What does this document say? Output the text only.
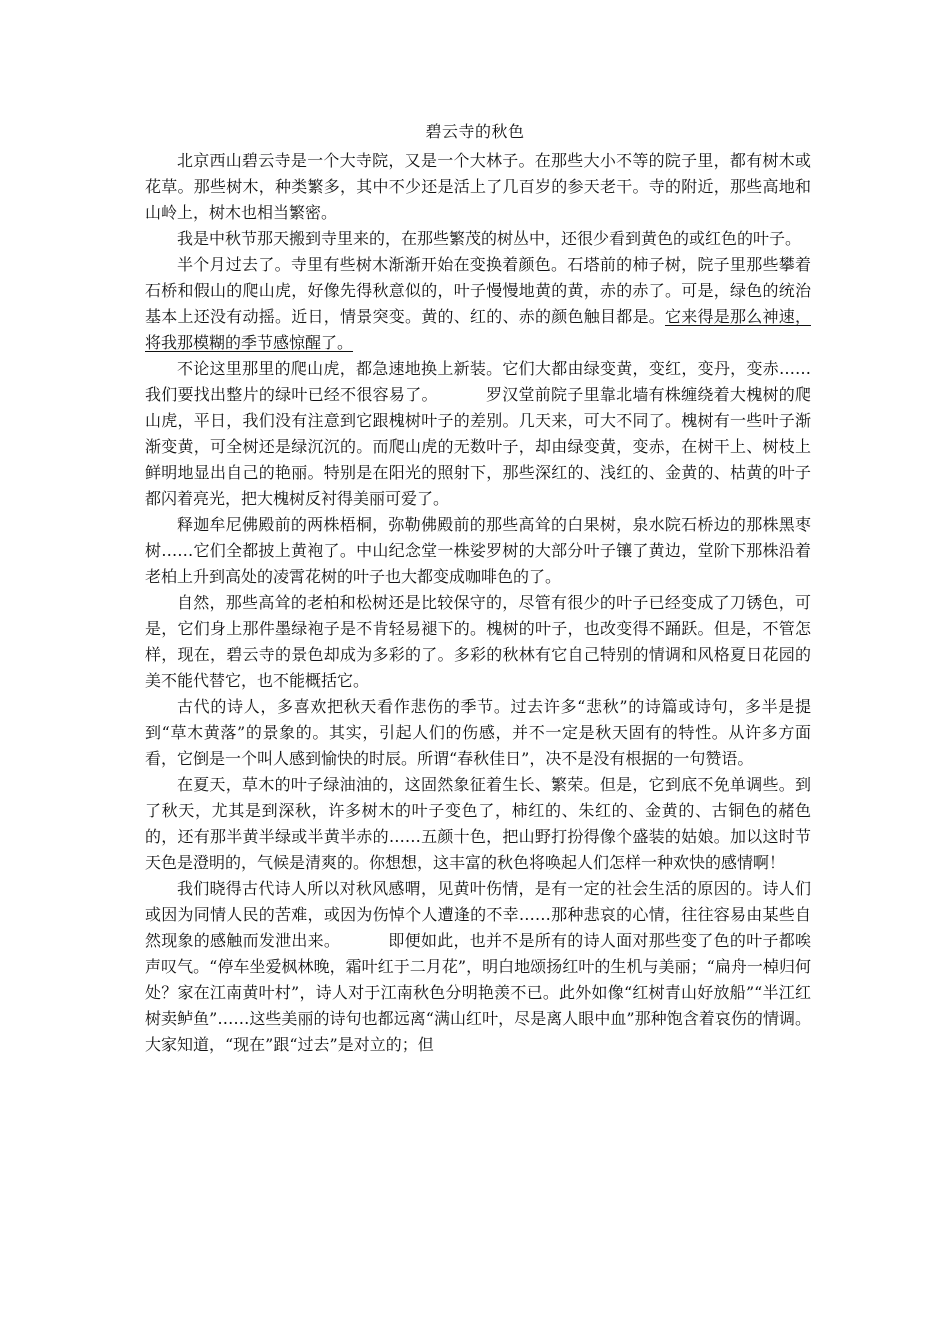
碧云寺的秋色

北京西山碧云寺是一个大寺院，又是一个大林子。在那些大小不等的院子里，都有树木或花草。那些树木，种类繁多，其中不少还是活上了几百岁的参天老干。寺的附近，那些高地和山岭上，树木也相当繁密。

我是中秋节那天搬到寺里来的，在那些繁茂的树丛中，还很少看到黄色的或红色的叶子。

半个月过去了。寺里有些树木渐渐开始在变换着颜色。石塔前的柿子树，院子里那些攀着石桥和假山的爬山虎，好像先得秋意似的，叶子慢慢地黄的黄，赤的赤了。可是，绿色的统治基本上还没有动摇。近日，情景突变。黄的、红的、赤的颜色触目都是。它来得是那么神速，将我那模糊的季节感惊醒了。

不论这里那里的爬山虎，都急速地换上新装。它们大都由绿变黄，变红，变丹，变赤……我们要找出整片的绿叶已经不很容易了。	罗汉堂前院子里靠北墙有株缠绕着大槐树的爬山虎，平日，我们没有注意到它跟槐树叶子的差别。几天来，可大不同了。槐树有一些叶子渐渐变黄，可全树还是绿沉沉的。而爬山虎的无数叶子，却由绿变黄，变赤，在树干上、树枝上鲜明地显出自己的艳丽。特别是在阳光的照射下，那些深红的、浅红的、金黄的、枯黄的叶子都闪着亮光，把大槐树反衬得美丽可爱了。

释迦牟尼佛殿前的两株梧桐，弥勒佛殿前的那些高耸的白果树，泉水院石桥边的那株黑枣树……它们全都披上黄袍了。中山纪念堂一株娑罗树的大部分叶子镶了黄边，堂阶下那株沿着老柏上升到高处的凌霄花树的叶子也大都变成咖啡色的了。

自然，那些高耸的老柏和松树还是比较保守的，尽管有很少的叶子已经变成了刀锈色，可是，它们身上那件墨绿袍子是不肯轻易褪下的。槐树的叶子，也改变得不踊跃。但是，不管怎样，现在，碧云寺的景色却成为多彩的了。多彩的秋林有它自己特别的情调和风格夏日花园的美不能代替它，也不能概括它。

古代的诗人，多喜欢把秋天看作悲伤的季节。过去许多“悲秋”的诗篇或诗句，多半是提到“草木黄落”的景象的。其实，引起人们的伤感，并不一定是秋天固有的特性。从许多方面看，它倒是一个叫人感到愉快的时辰。所谓“春秋佳日”，决不是没有根据的一句赞语。

在夏天，草木的叶子绿油油的，这固然象征着生长、繁荣。但是，它到底不免单调些。到了秋天，尤其是到深秋，许多树木的叶子变色了，柿红的、朱红的、金黄的、古铜色的赭色的，还有那半黄半绿或半黄半赤的……五颜十色，把山野打扮得像个盛装的姑娘。加以这时节天色是澄明的，气候是清爽的。你想想，这丰富的秋色将唤起人们怎样一种欢快的感情啊！

我们晓得古代诗人所以对秋风感喟，见黄叶伤情，是有一定的社会生活的原因的。诗人们或因为同情人民的苦难，或因为伤悼个人遭逢的不幸……那种悲哀的心情，往往容易由某些自然现象的感触而发泄出来。	即便如此，也并不是所有的诗人面对那些变了色的叶子都唉声叹气。“停车坐爱枫林晚，霜叶红于二月花”，明白地颂扬红叶的生机与美丽；“扁舟一棹归何处？家在江南黄叶村”，诗人对于江南秋色分明艳羡不已。此外如像“红树青山好放船”“半江红树卖鲈鱼”……这些美丽的诗句也都远离“满山红叶，尽是离人眼中血”那种饱含着哀伤的情调。大家知道，“现在”跟“过去”是对立的；但
